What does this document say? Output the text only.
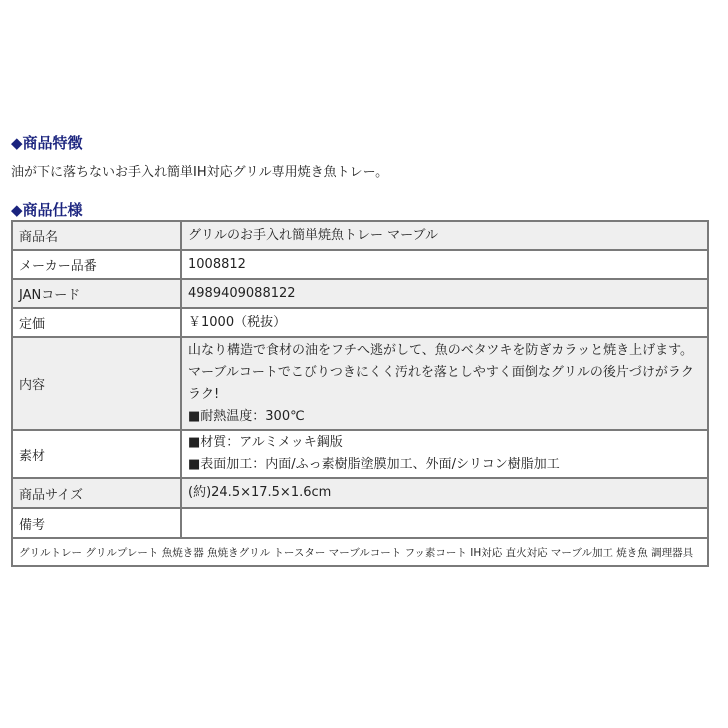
◆商品特徴
油が下に落ちないお手入れ簡単IH対応グリル専用焼き魚トレー。
◆商品仕様
商品名	グリルのお手入れ簡単焼魚トレー マーブル

メーカー品番	1008812

JANコード	4989409088122

定価	￥1000（税抜）

内容	山なり構造で食材の油をフチへ逃がして、魚のベタツキを防ぎカラッと焼き上げます。
マーブルコートでこびりつきにくく汚れを落としやすく面倒なグリルの後片づけがラクラク!
■耐熱温度：300℃

素材	■材質：アルミメッキ鋼版
■表面加工：内面/ふっ素樹脂塗膜加工、外面/シリコン樹脂加工

商品サイズ	(約)24.5×17.5×1.6cm

備考	

グリルトレー グリルプレート 魚焼き器 魚焼きグリル トースター マーブルコート フッ素コート IH対応 直火対応 マーブル加工 焼き魚 調理器具	
